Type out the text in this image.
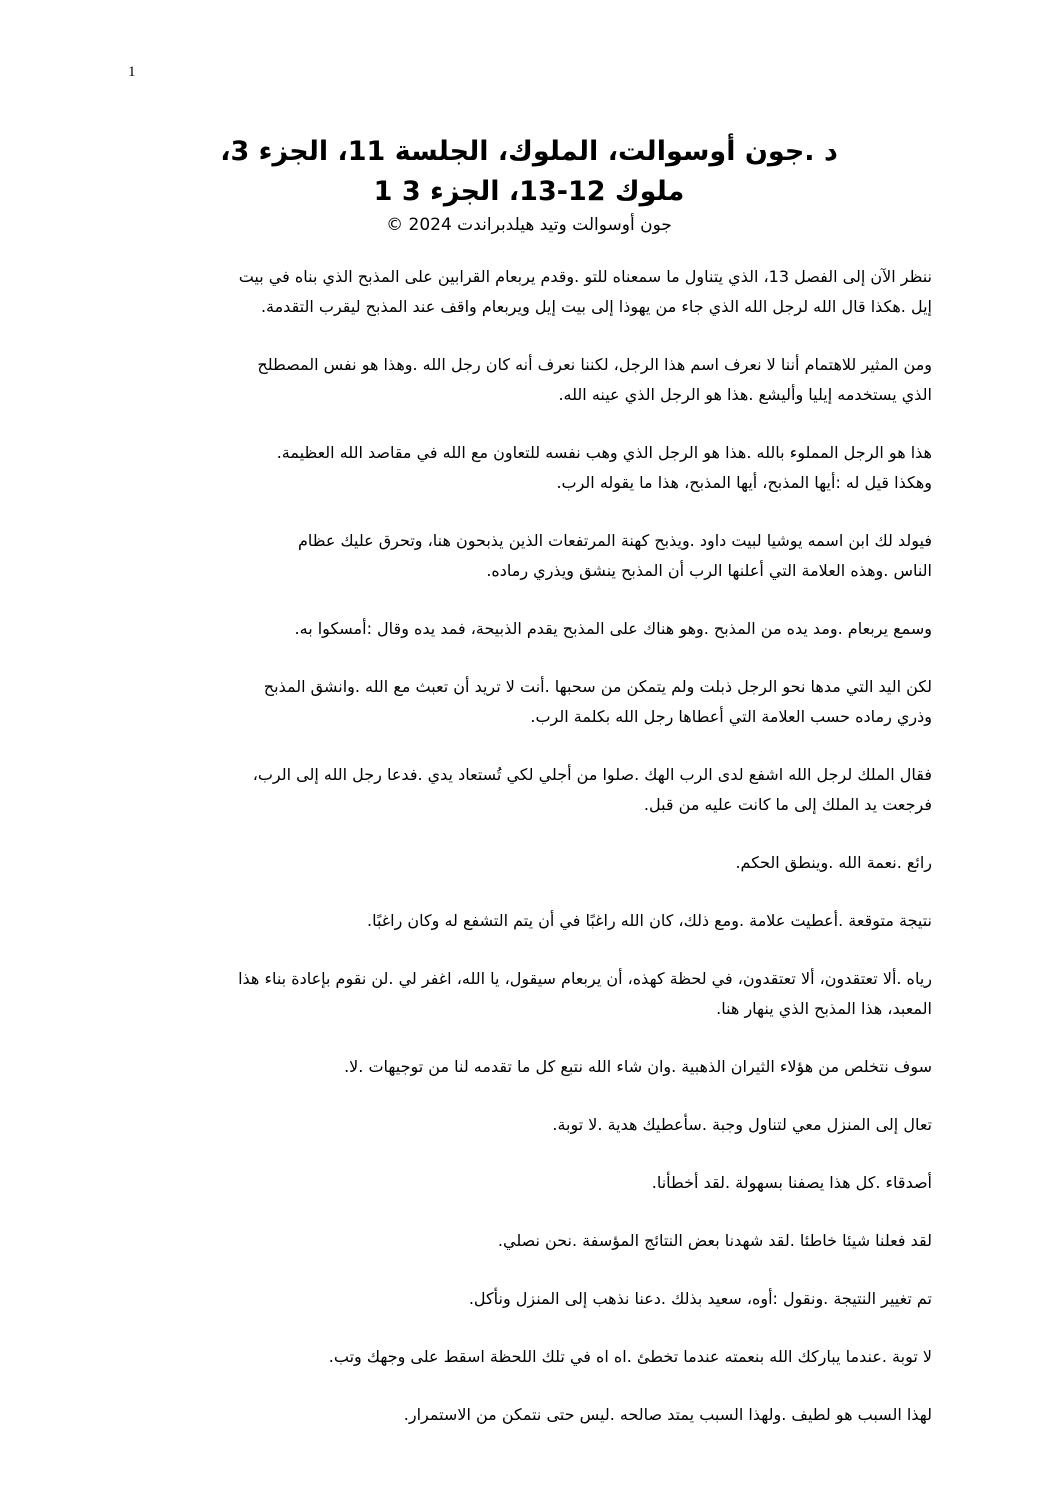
1
د .جون أوسوالت، الملوك، الجلسة 11، الجزء 3،
ملوك 12-13، الجزء 3 1
جون أوسوالت وتيد هيلدبراندت 2024 ©

ننظر الآن إلى الفصل 13، الذي يتناول ما سمعناه للتو .وقدم يربعام القرابين على المذبح الذي بناه في بيت
إيل .هكذا قال الله لرجل الله الذي جاء من يهوذا إلى بيت إيل ويربعام واقف عند المذبح ليقرب التقدمة.

ومن المثير للاهتمام أننا لا نعرف اسم هذا الرجل، لكننا نعرف أنه كان رجل الله .وهذا هو نفس المصطلح
الذي يستخدمه إيليا وأليشع .هذا هو الرجل الذي عينه الله.

هذا هو الرجل المملوء بالله .هذا هو الرجل الذي وهب نفسه للتعاون مع الله في مقاصد الله العظيمة.
وهكذا قيل له :أيها المذبح، أيها المذبح، هذا ما يقوله الرب.

فيولد لك ابن اسمه يوشيا لبيت داود .ويذبح كهنة المرتفعات الذين يذبحون هنا، وتحرق عليك عظام
الناس .وهذه العلامة التي أعلنها الرب أن المذبح ينشق ويذري رماده.

وسمع يربعام .ومد يده من المذبح .وهو هناك على المذبح يقدم الذبيحة، فمد يده وقال :أمسكوا به.

لكن اليد التي مدها نحو الرجل ذبلت ولم يتمكن من سحبها .أنت لا تريد أن تعبث مع الله .وانشق المذبح
وذري رماده حسب العلامة التي أعطاها رجل الله بكلمة الرب.

فقال الملك لرجل الله اشفع لدى الرب الهك .صلوا من أجلي لكي تُستعاد يدي .فدعا رجل الله إلى الرب،
فرجعت يد الملك إلى ما كانت عليه من قبل.

رائع .نعمة الله .وينطق الحكم.

نتيجة متوقعة .أعطيت علامة .ومع ذلك، كان الله راغبًا في أن يتم التشفع له وكان راغبًا.

رياه .ألا تعتقدون، ألا تعتقدون، في لحظة كهذه، أن يربعام سيقول، يا الله، اغفر لي .لن نقوم بإعادة بناء هذا
المعبد، هذا المذبح الذي ينهار هنا.

سوف نتخلص من هؤلاء الثيران الذهبية .وان شاء الله نتبع كل ما تقدمه لنا من توجيهات .لا.

تعال إلى المنزل معي لتناول وجبة .سأعطيك هدية .لا توبة.

أصدقاء .كل هذا يصفنا بسهولة .لقد أخطأنا.

لقد فعلنا شيئا خاطئا .لقد شهدنا بعض النتائج المؤسفة .نحن نصلي.

تم تغيير النتيجة .ونقول :أوه، سعيد بذلك .دعنا نذهب إلى المنزل ونأكل.

لا توبة .عندما يباركك الله بنعمته عندما تخطئ .اه اه في تلك اللحظة اسقط على وجهك وتب.

لهذا السبب هو لطيف .ولهذا السبب يمتد صالحه .ليس حتى نتمكن من الاستمرار.
